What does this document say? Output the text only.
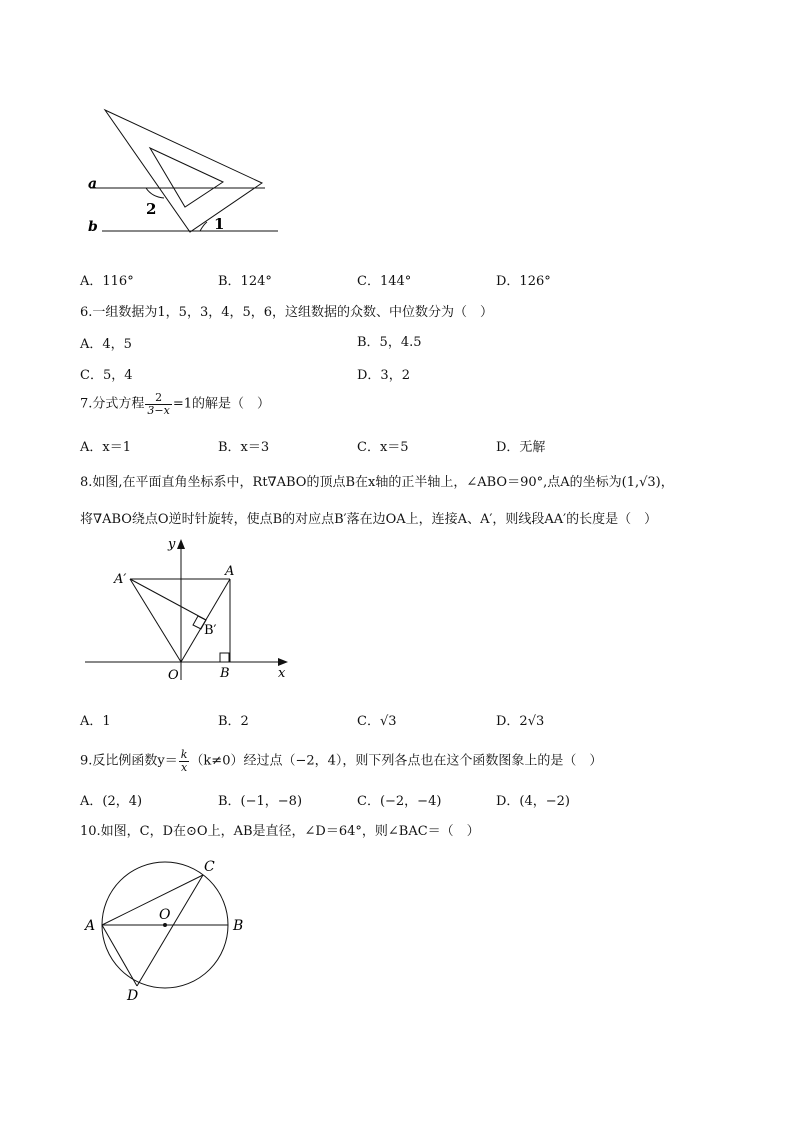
a
b
2
1
A．116°	B．124°	C．144°	D．126°
6.一组数据为1，5，3，4，5，6，这组数据的众数、中位数分为（　）
A．4，5	B．5，4.5
C．5，4	D．3，2
7.分式方程 $\frac{2}{3-x} =1$的解是（　）
A．x＝1	B．x＝3	C．x＝5	D．无解
8.如图,在平面直角坐标系中，Rt∇ABO的顶点B在x轴的正半轴上，∠ABO＝90°,点A的坐标为(1,√3)，
将∇ABO绕点O逆时针旋转，使点B的对应点B′落在边OA上，连接A、A′，则线段AA′的长度是（　）
y
x
A′
A
B′
O	B
A．1	B．2	C．√3	D．2√3
9.反比例函数$y= \frac{k}{x} (k\ne 0)$经过点（−2，4），则下列各点也在这个函数图象上的是（　）
A．(2，4)	B．(−1，−8)	C．(−2，−4)	D．(4，−2)
10.如图，C，D在⊙O上，AB是直径，∠D＝64°，则∠BAC＝（　）
A	B
C
D
O
